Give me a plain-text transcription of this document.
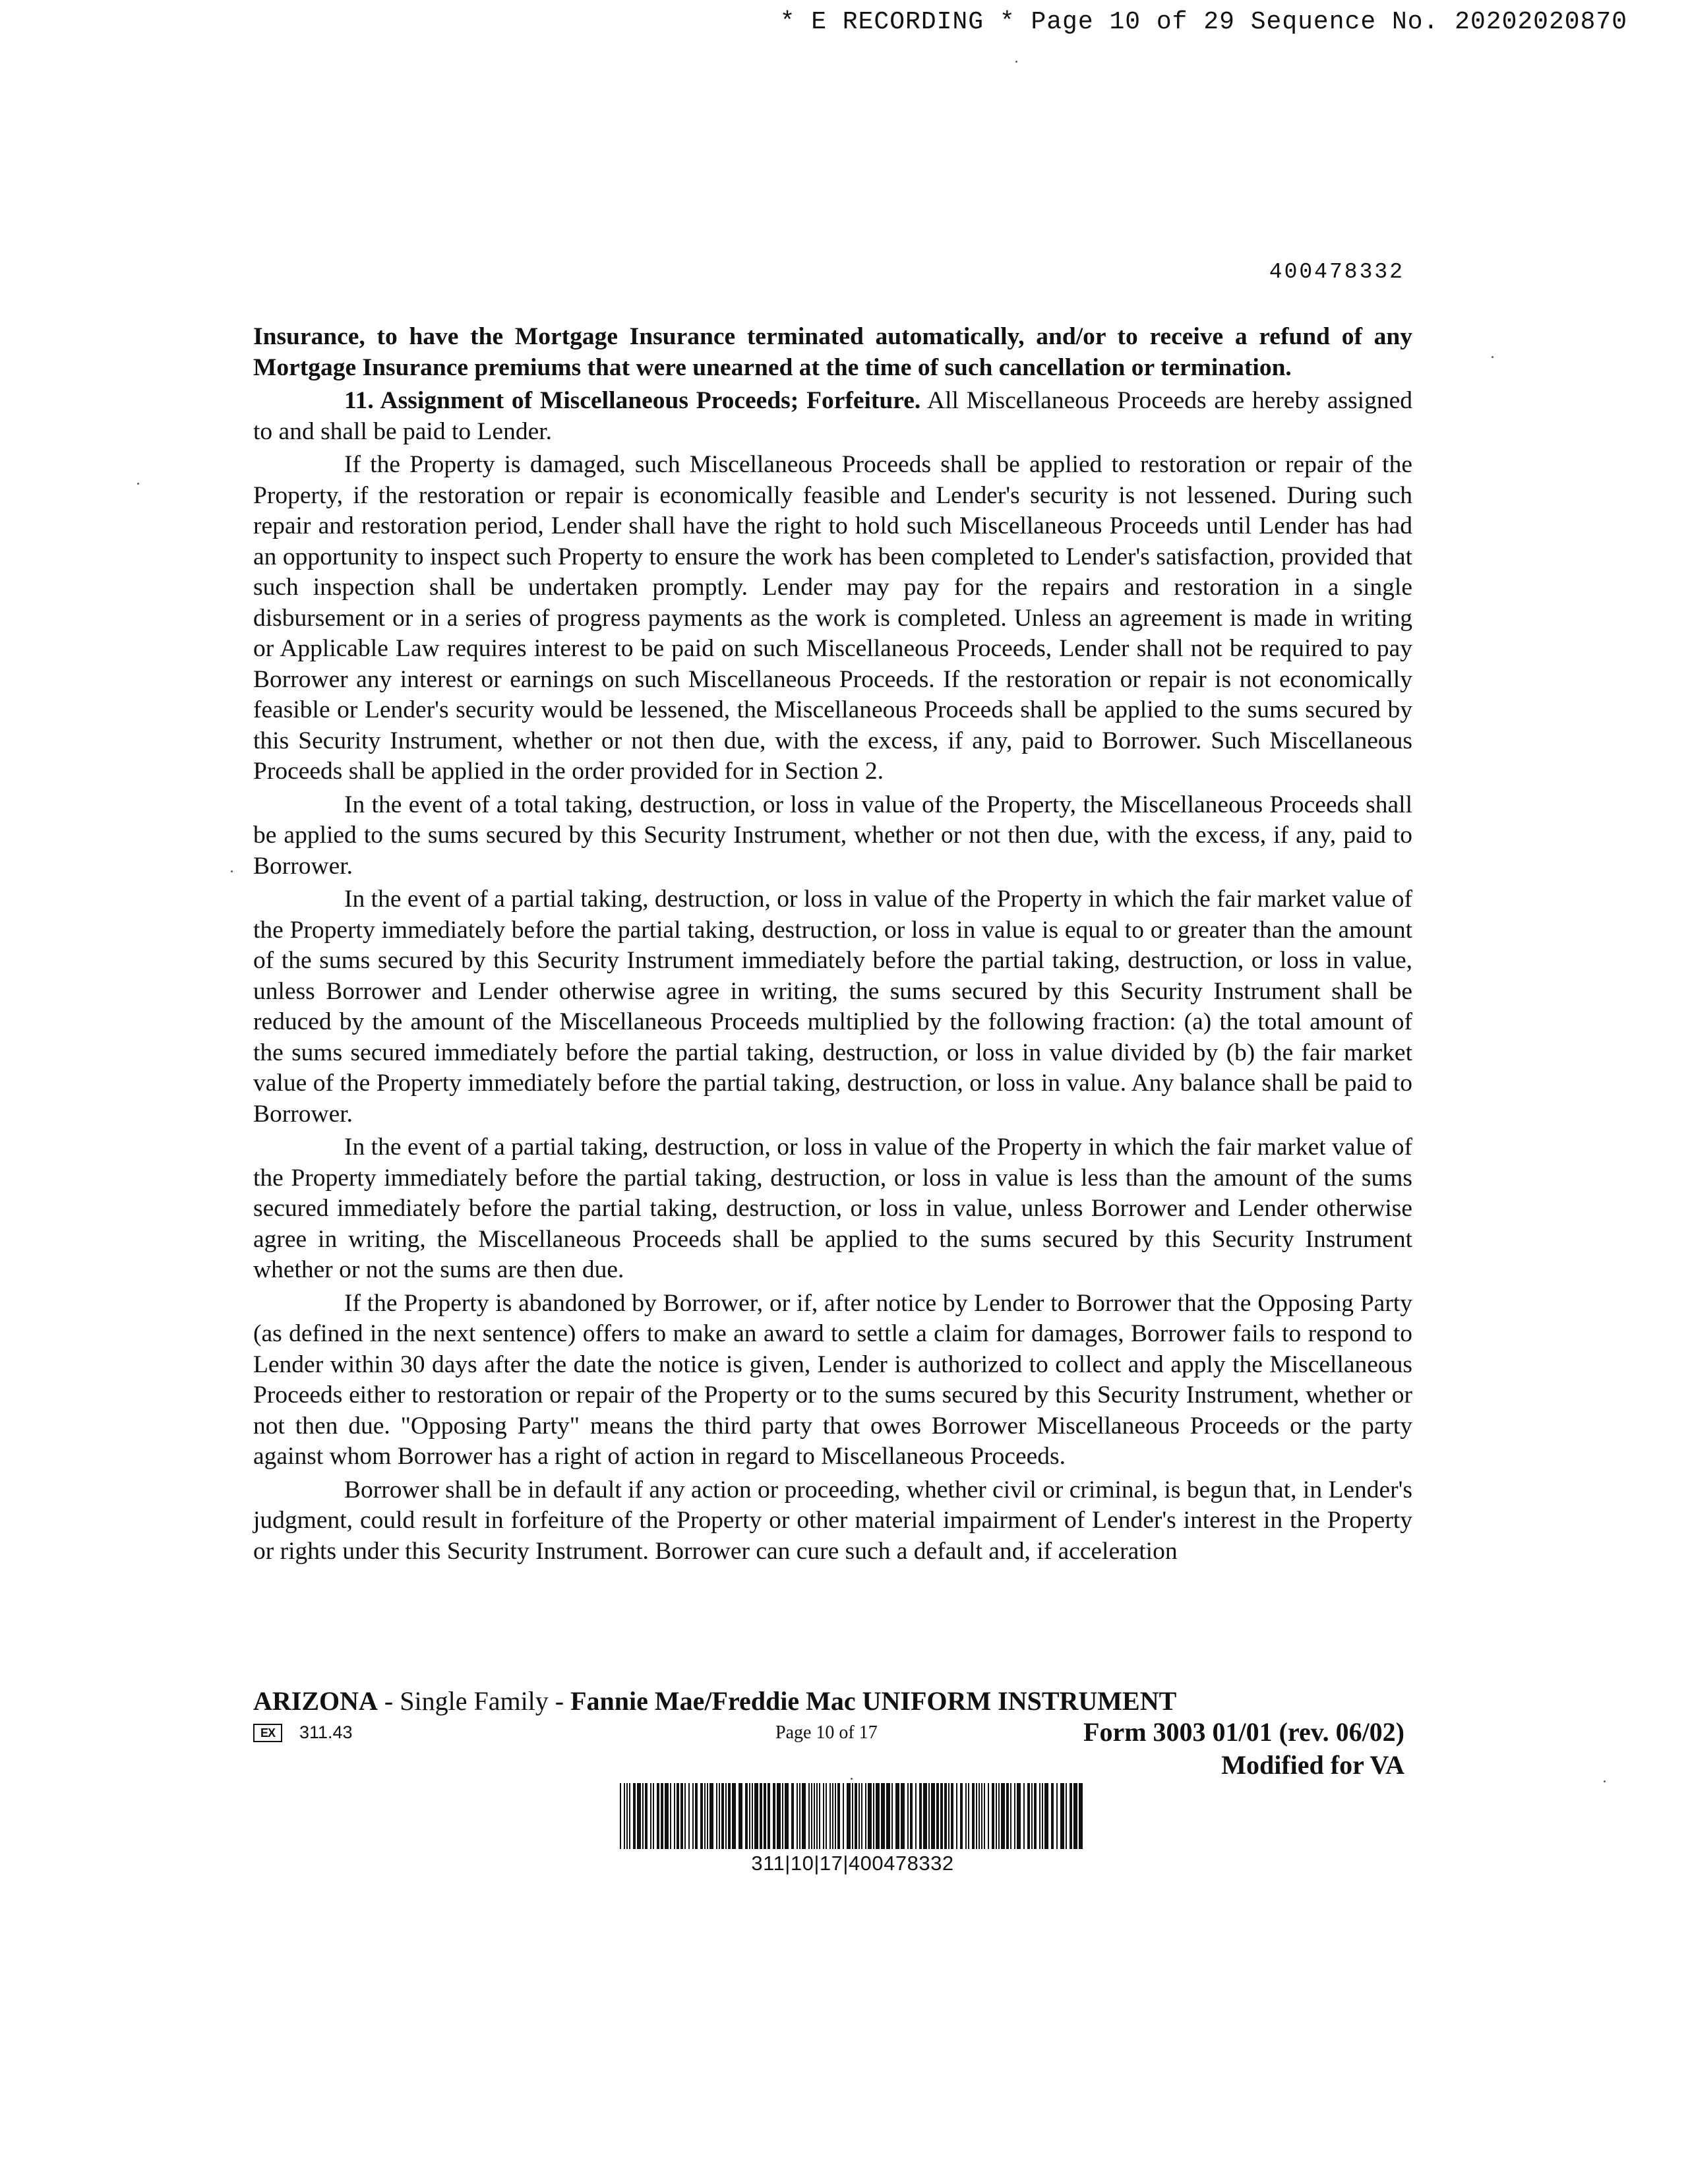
* E RECORDING * Page 10 of 29 Sequence No. 20202020870
400478332

Insurance, to have the Mortgage Insurance terminated automatically, and/or to receive a refund of any Mortgage Insurance premiums that were unearned at the time of such cancellation or termination.

11. Assignment of Miscellaneous Proceeds; Forfeiture. All Miscellaneous Proceeds are hereby assigned to and shall be paid to Lender.

If the Property is damaged, such Miscellaneous Proceeds shall be applied to restoration or repair of the Property, if the restoration or repair is economically feasible and Lender's security is not lessened. During such repair and restoration period, Lender shall have the right to hold such Miscellaneous Proceeds until Lender has had an opportunity to inspect such Property to ensure the work has been completed to Lender's satisfaction, provided that such inspection shall be undertaken promptly. Lender may pay for the repairs and restoration in a single disbursement or in a series of progress payments as the work is completed. Unless an agreement is made in writing or Applicable Law requires interest to be paid on such Miscellaneous Proceeds, Lender shall not be required to pay Borrower any interest or earnings on such Miscellaneous Proceeds. If the restoration or repair is not economically feasible or Lender's security would be lessened, the Miscellaneous Proceeds shall be applied to the sums secured by this Security Instrument, whether or not then due, with the excess, if any, paid to Borrower. Such Miscellaneous Proceeds shall be applied in the order provided for in Section 2.

In the event of a total taking, destruction, or loss in value of the Property, the Miscellaneous Proceeds shall be applied to the sums secured by this Security Instrument, whether or not then due, with the excess, if any, paid to Borrower.

In the event of a partial taking, destruction, or loss in value of the Property in which the fair market value of the Property immediately before the partial taking, destruction, or loss in value is equal to or greater than the amount of the sums secured by this Security Instrument immediately before the partial taking, destruction, or loss in value, unless Borrower and Lender otherwise agree in writing, the sums secured by this Security Instrument shall be reduced by the amount of the Miscellaneous Proceeds multiplied by the following fraction: (a) the total amount of the sums secured immediately before the partial taking, destruction, or loss in value divided by (b) the fair market value of the Property immediately before the partial taking, destruction, or loss in value. Any balance shall be paid to Borrower.

In the event of a partial taking, destruction, or loss in value of the Property in which the fair market value of the Property immediately before the partial taking, destruction, or loss in value is less than the amount of the sums secured immediately before the partial taking, destruction, or loss in value, unless Borrower and Lender otherwise agree in writing, the Miscellaneous Proceeds shall be applied to the sums secured by this Security Instrument whether or not the sums are then due.

If the Property is abandoned by Borrower, or if, after notice by Lender to Borrower that the Opposing Party (as defined in the next sentence) offers to make an award to settle a claim for damages, Borrower fails to respond to Lender within 30 days after the date the notice is given, Lender is authorized to collect and apply the Miscellaneous Proceeds either to restoration or repair of the Property or to the sums secured by this Security Instrument, whether or not then due. "Opposing Party" means the third party that owes Borrower Miscellaneous Proceeds or the party against whom Borrower has a right of action in regard to Miscellaneous Proceeds.

Borrower shall be in default if any action or proceeding, whether civil or criminal, is begun that, in Lender's judgment, could result in forfeiture of the Property or other material impairment of Lender's interest in the Property or rights under this Security Instrument. Borrower can cure such a default and, if acceleration

ARIZONA - Single Family - Fannie Mae/Freddie Mac UNIFORM INSTRUMENT
EX	311.43	Page 10 of 17	Form 3003 01/01 (rev. 06/02)
Modified for VA
311|10|17|400478332
